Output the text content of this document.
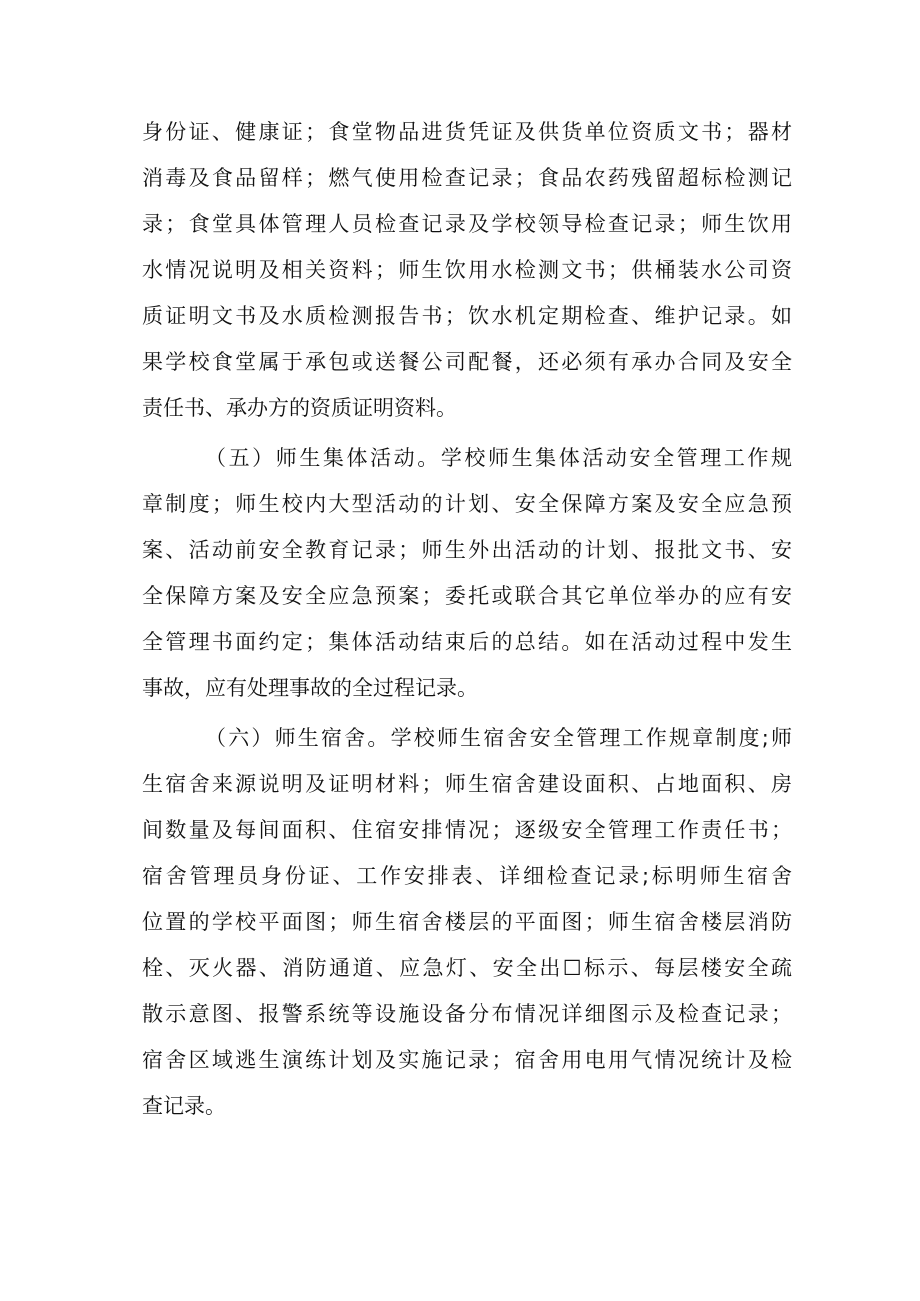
身份证、健康证；食堂物品进货凭证及供货单位资质文书；器材
消毒及食品留样；燃气使用检查记录；食品农药残留超标检测记
录；食堂具体管理人员检查记录及学校领导检查记录；师生饮用
水情况说明及相关资料；师生饮用水检测文书；供桶装水公司资
质证明文书及水质检测报告书；饮水机定期检查、维护记录。如
果学校食堂属于承包或送餐公司配餐，还必须有承办合同及安全
责任书、承办方的资质证明资料。
（五）师生集体活动。学校师生集体活动安全管理工作规
章制度；师生校内大型活动的计划、安全保障方案及安全应急预
案、活动前安全教育记录；师生外出活动的计划、报批文书、安
全保障方案及安全应急预案；委托或联合其它单位举办的应有安
全管理书面约定；集体活动结束后的总结。如在活动过程中发生
事故，应有处理事故的全过程记录。
（六）师生宿舍。学校师生宿舍安全管理工作规章制度;师
生宿舍来源说明及证明材料；师生宿舍建设面积、占地面积、房
间数量及每间面积、住宿安排情况；逐级安全管理工作责任书；
宿舍管理员身份证、工作安排表、详细检查记录;标明师生宿舍
位置的学校平面图；师生宿舍楼层的平面图；师生宿舍楼层消防
栓、灭火器、消防通道、应急灯、安全出☐标示、每层楼安全疏
散示意图、报警系统等设施设备分布情况详细图示及检查记录；
宿舍区域逃生演练计划及实施记录；宿舍用电用气情况统计及检
查记录。
